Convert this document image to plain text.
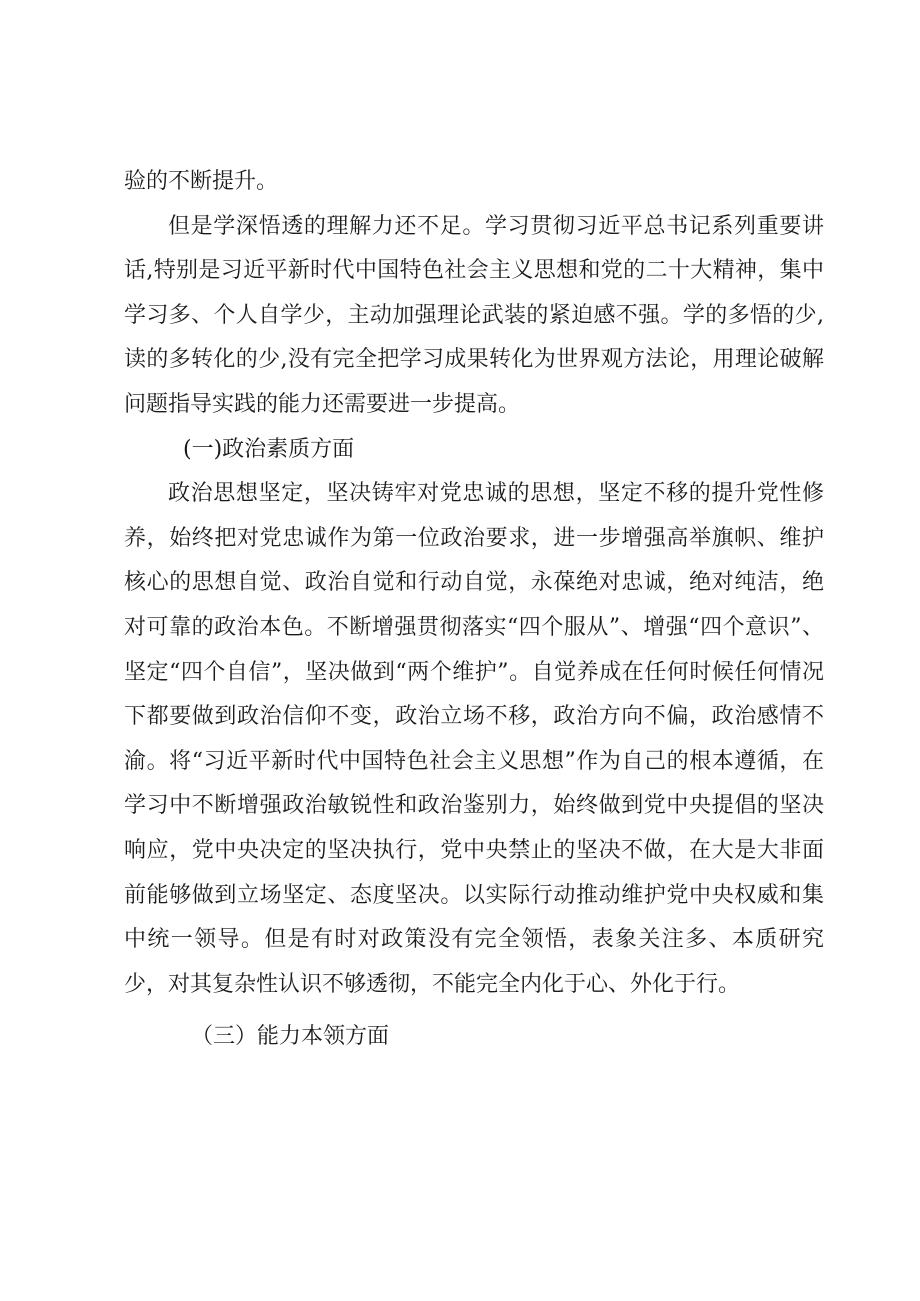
验的不断提升。

但是学深悟透的理解力还不足。学习贯彻习近平总书记系列重要讲话,特别是习近平新时代中国特色社会主义思想和党的二十大精神，集中学习多、个人自学少，主动加强理论武装的紧迫感不强。学的多悟的少,读的多转化的少,没有完全把学习成果转化为世界观方法论，用理论破解问题指导实践的能力还需要进一步提高。

(一)政治素质方面

政治思想坚定，坚决铸牢对党忠诚的思想，坚定不移的提升党性修养，始终把对党忠诚作为第一位政治要求，进一步增强高举旗帜、维护核心的思想自觉、政治自觉和行动自觉，永葆绝对忠诚，绝对纯洁，绝对可靠的政治本色。不断增强贯彻落实“四个服从”、增强“四个意识”、坚定“四个自信”，坚决做到“两个维护”。自觉养成在任何时候任何情况下都要做到政治信仰不变，政治立场不移，政治方向不偏，政治感情不渝。将“习近平新时代中国特色社会主义思想”作为自己的根本遵循，在学习中不断增强政治敏锐性和政治鉴别力，始终做到党中央提倡的坚决响应，党中央决定的坚决执行，党中央禁止的坚决不做，在大是大非面前能够做到立场坚定、态度坚决。以实际行动推动维护党中央权威和集中统一领导。但是有时对政策没有完全领悟，表象关注多、本质研究少，对其复杂性认识不够透彻，不能完全内化于心、外化于行。

（三）能力本领方面
